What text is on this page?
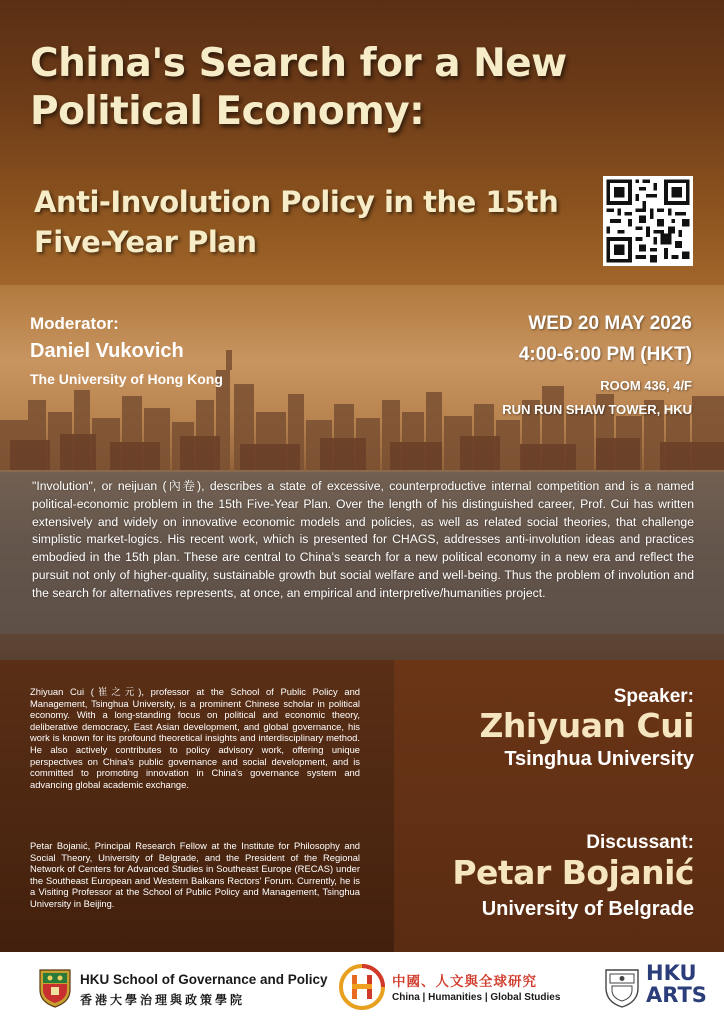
China's Search for a New Political Economy:
Anti-Involution Policy in the 15th Five-Year Plan
Moderator:
Daniel Vukovich
The University of Hong Kong
WED 20 MAY 2026
4:00-6:00 PM (HKT)
ROOM 436, 4/F
RUN RUN SHAW TOWER, HKU

"Involution", or neijuan (內卷), describes a state of excessive, counterproductive internal competition and is a named political-economic problem in the 15th Five-Year Plan. Over the length of his distinguished career, Prof. Cui has written extensively and widely on innovative economic models and policies, as well as related social theories, that challenge simplistic market-logics. His recent work, which is presented for CHAGS, addresses anti-involution ideas and practices embodied in the 15th plan. These are central to China's search for a new political economy in a new era and reflect the pursuit not only of higher-quality, sustainable growth but social welfare and well-being. Thus the problem of involution and the search for alternatives represents, at once, an empirical and interpretive/humanities project.

Zhiyuan Cui (崔之元), professor at the School of Public Policy and Management, Tsinghua University, is a prominent Chinese scholar in political economy. With a long-standing focus on political and economic theory, deliberative democracy, East Asian development, and global governance, his work is known for its profound theoretical insights and interdisciplinary method. He also actively contributes to policy advisory work, offering unique perspectives on China's public governance and social development, and is committed to promoting innovation in China's governance system and advancing global academic exchange.

Petar Bojanić, Principal Research Fellow at the Institute for Philosophy and Social Theory, University of Belgrade, and the President of the Regional Network of Centers for Advanced Studies in Southeast Europe (RECAS) under the Southeast European and Western Balkans Rectors' Forum. Currently, he is a Visiting Professor at the School of Public Policy and Management, Tsinghua University in Beijing.

Speaker:
Zhiyuan Cui
Tsinghua University
Discussant:
Petar Bojanić
University of Belgrade
HKU School of Governance and Policy
香港大學治理與政策學院
中國、人文與全球研究
China | Humanities | Global Studies
HKU
ARTS
